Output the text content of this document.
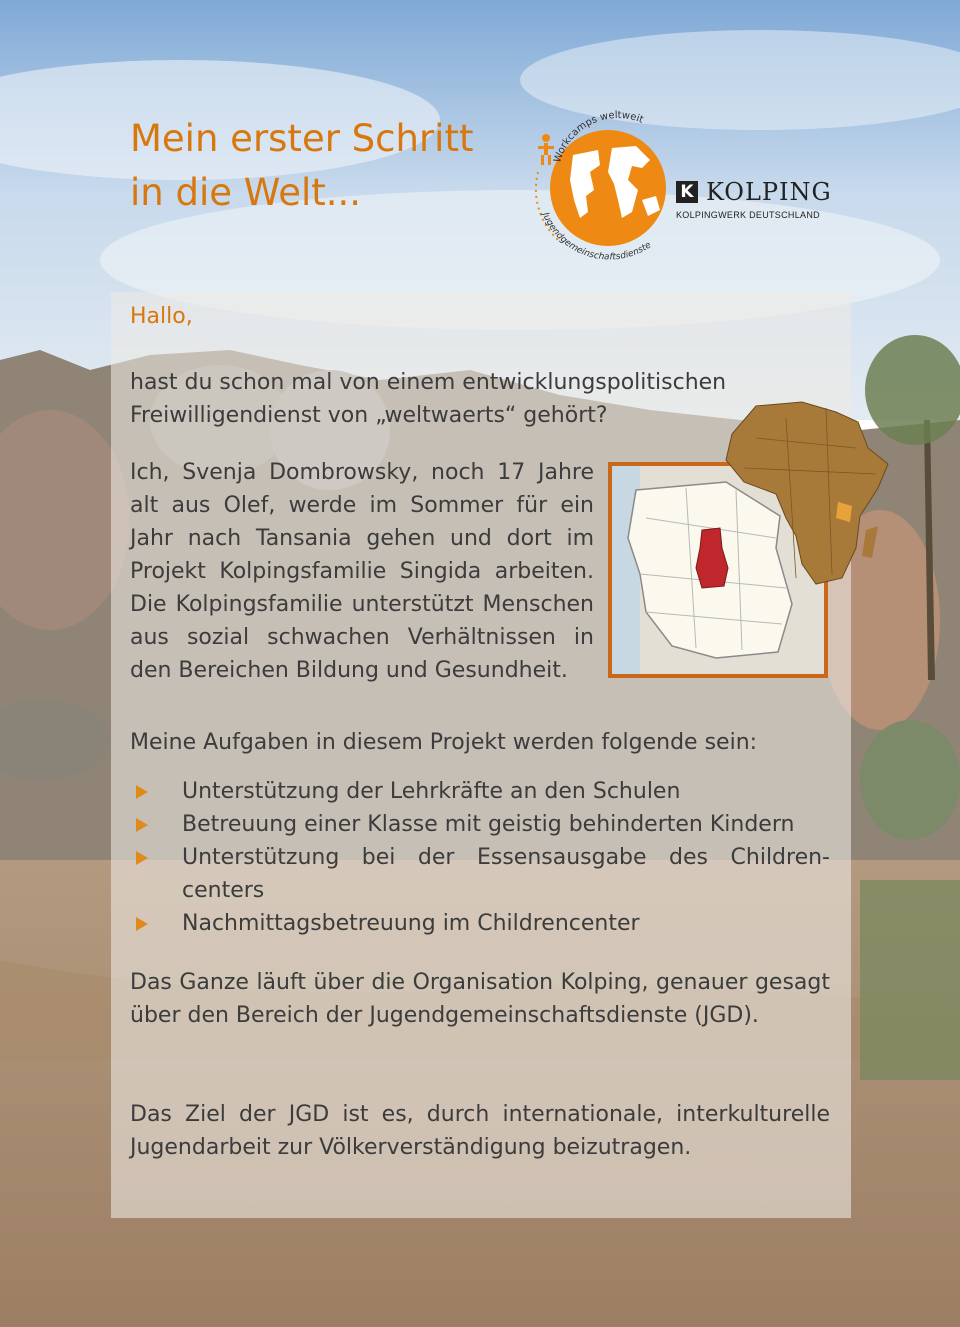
Mein erster Schritt
in die Welt...
Workcamps weltweit
Jugendgemeinschaftsdienste
K KOLPING
KOLPINGWERK DEUTSCHLAND
Hallo,
hast du schon mal von einem entwicklungspolitischen Freiwilligendienst von „weltwaerts“ gehört?
Ich, Svenja Dombrowsky, noch 17 Jahre alt aus Olef, werde im Sommer für ein Jahr nach Tansania gehen und dort im Projekt Kolpingsfamilie Singida arbeiten. Die Kolpingsfamilie unterstützt Menschen aus sozial schwachen Verhältnissen in den Bereichen Bildung und Gesundheit.
Meine Aufgaben in diesem Projekt werden folgende sein:
Unterstützung der Lehrkräfte an den Schulen
Betreuung einer Klasse mit geistig behinderten Kindern
Unterstützung bei der Essensausgabe des Children-centers
Nachmittagsbetreuung im Childrencenter
Das Ganze läuft über die Organisation Kolping, genauer gesagt über den Bereich der Jugendgemeinschaftsdienste (JGD).
Das Ziel der JGD ist es, durch internationale, interkulturelle Jugendarbeit zur Völkerverständigung beizutragen.
